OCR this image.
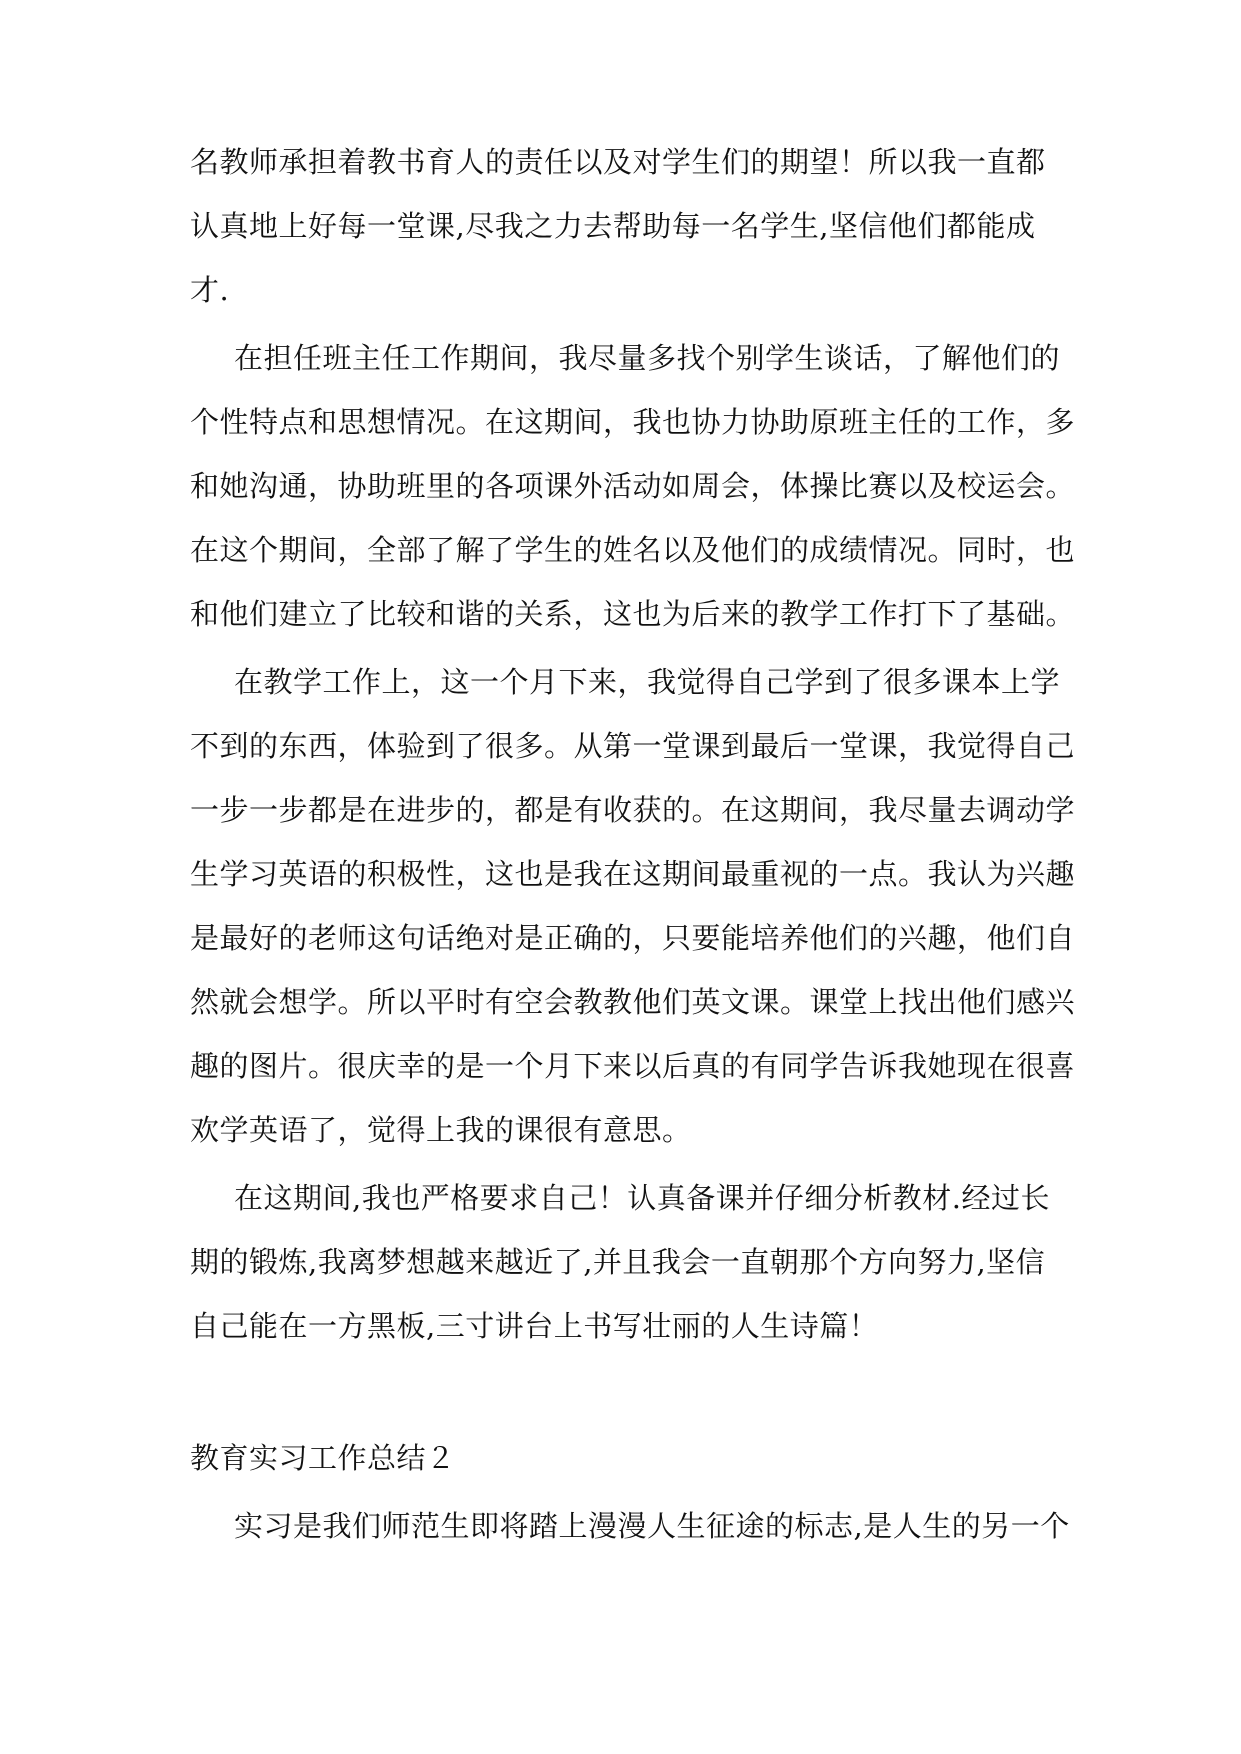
名教师承担着教书育人的责任以及对学生们的期望！所以我一直都
认真地上好每一堂课,尽我之力去帮助每一名学生,坚信他们都能成
才.
在担任班主任工作期间，我尽量多找个别学生谈话，了解他们的
个性特点和思想情况。在这期间，我也协力协助原班主任的工作，多
和她沟通，协助班里的各项课外活动如周会，体操比赛以及校运会。
在这个期间，全部了解了学生的姓名以及他们的成绩情况。同时，也
和他们建立了比较和谐的关系，这也为后来的教学工作打下了基础。
在教学工作上，这一个月下来，我觉得自己学到了很多课本上学
不到的东西，体验到了很多。从第一堂课到最后一堂课，我觉得自己
一步一步都是在进步的，都是有收获的。在这期间，我尽量去调动学
生学习英语的积极性，这也是我在这期间最重视的一点。我认为兴趣
是最好的老师这句话绝对是正确的，只要能培养他们的兴趣，他们自
然就会想学。所以平时有空会教教他们英文课。课堂上找出他们感兴
趣的图片。很庆幸的是一个月下来以后真的有同学告诉我她现在很喜
欢学英语了，觉得上我的课很有意思。
在这期间,我也严格要求自己！认真备课并仔细分析教材.经过长
期的锻炼,我离梦想越来越近了,并且我会一直朝那个方向努力,坚信
自己能在一方黑板,三寸讲台上书写壮丽的人生诗篇！
教育实习工作总结２
实习是我们师范生即将踏上漫漫人生征途的标志,是人生的另一个
